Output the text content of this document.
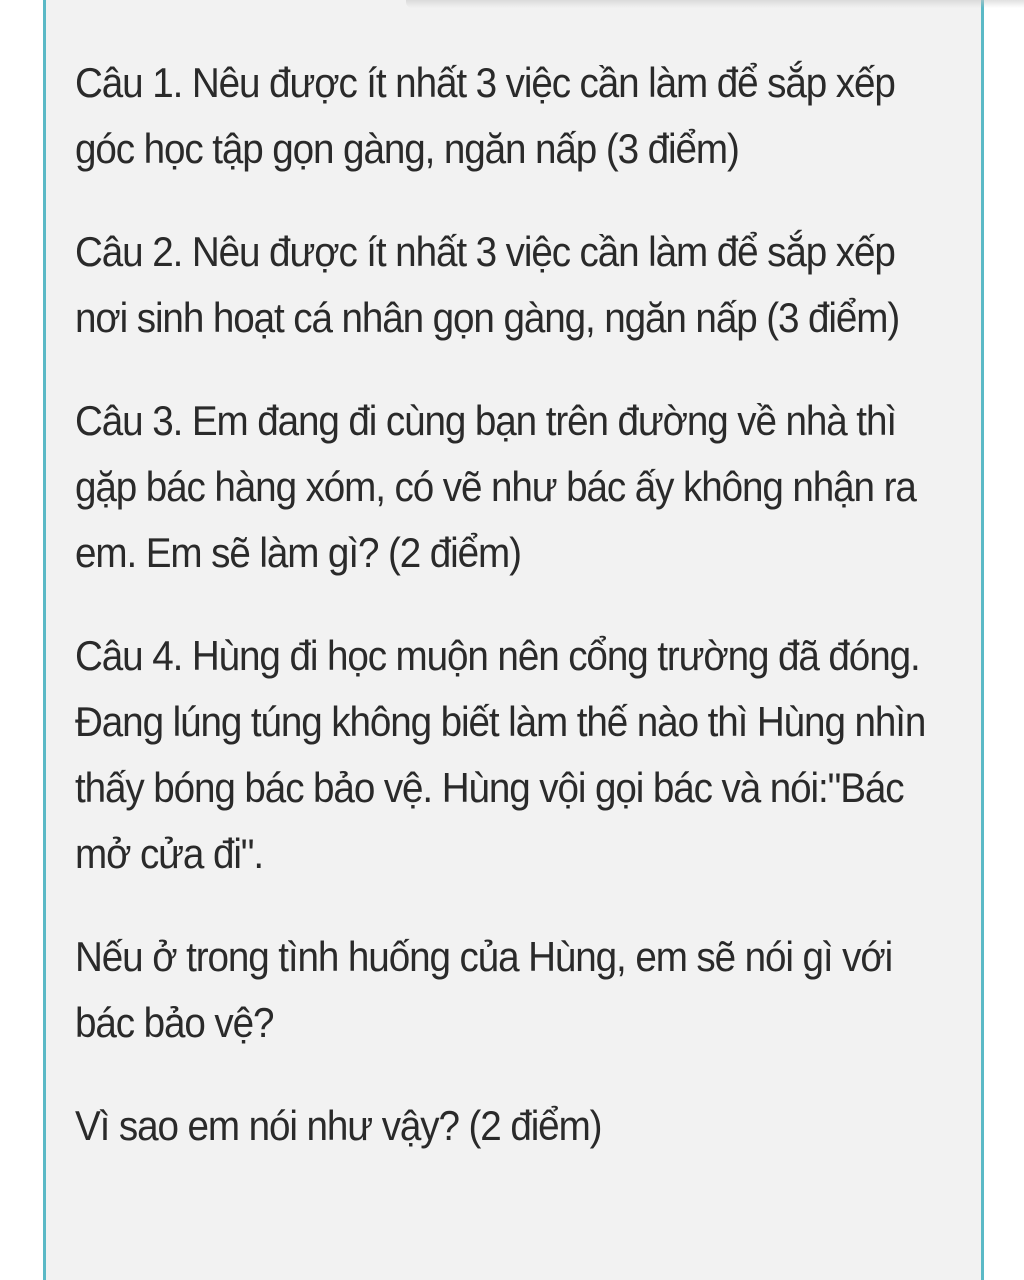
Câu 1. Nêu được ít nhất 3 việc cần làm để sắp xếp góc học tập gọn gàng, ngăn nấp (3 điểm)

Câu 2. Nêu được ít nhất 3 việc cần làm để sắp xếp nơi sinh hoạt cá nhân gọn gàng, ngăn nấp (3 điểm)

Câu 3. Em đang đi cùng bạn trên đường về nhà thì gặp bác hàng xóm, có vẽ như bác ấy không nhận ra em. Em sẽ làm gì? (2 điểm)

Câu 4. Hùng đi học muộn nên cổng trường đã đóng. Đang lúng túng không biết làm thế nào thì Hùng nhìn thấy bóng bác bảo vệ. Hùng vội gọi bác và nói:"Bác mở cửa đi".

Nếu ở trong tình huống của Hùng, em sẽ nói gì với bác bảo vệ?

Vì sao em nói như vậy? (2 điểm)
